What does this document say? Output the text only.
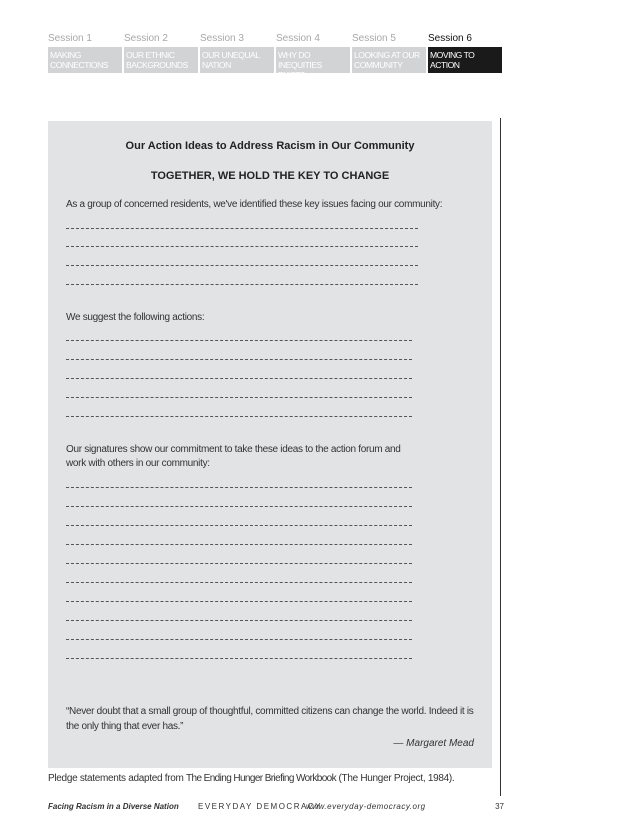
Session 1
MAKING CONNECTIONS
Session 2
OUR ETHNIC BACKGROUNDS
Session 3
OUR UNEQUAL NATION
Session 4
WHY DO INEQUITIES EXIST?
Session 5
LOOKING AT OUR COMMUNITY
Session 6
MOVING TO ACTION
Our Action Ideas to Address Racism in Our Community
TOGETHER, WE HOLD THE KEY TO CHANGE
As a group of concerned residents, we've identified these key issues facing our community:
We suggest the following actions:
Our signatures show our commitment to take these ideas to the action forum and
work with others in our community:
“Never doubt that a small group of thoughtful, committed citizens can change the world. Indeed it is
the only thing that ever has.”
— Margaret Mead
Pledge statements adapted from The Ending Hunger Briefing Workbook (The Hunger Project, 1984).
Facing Racism in a Diverse Nation EVERYDAY DEMOCRACY
www.everyday-democracy.org	37
